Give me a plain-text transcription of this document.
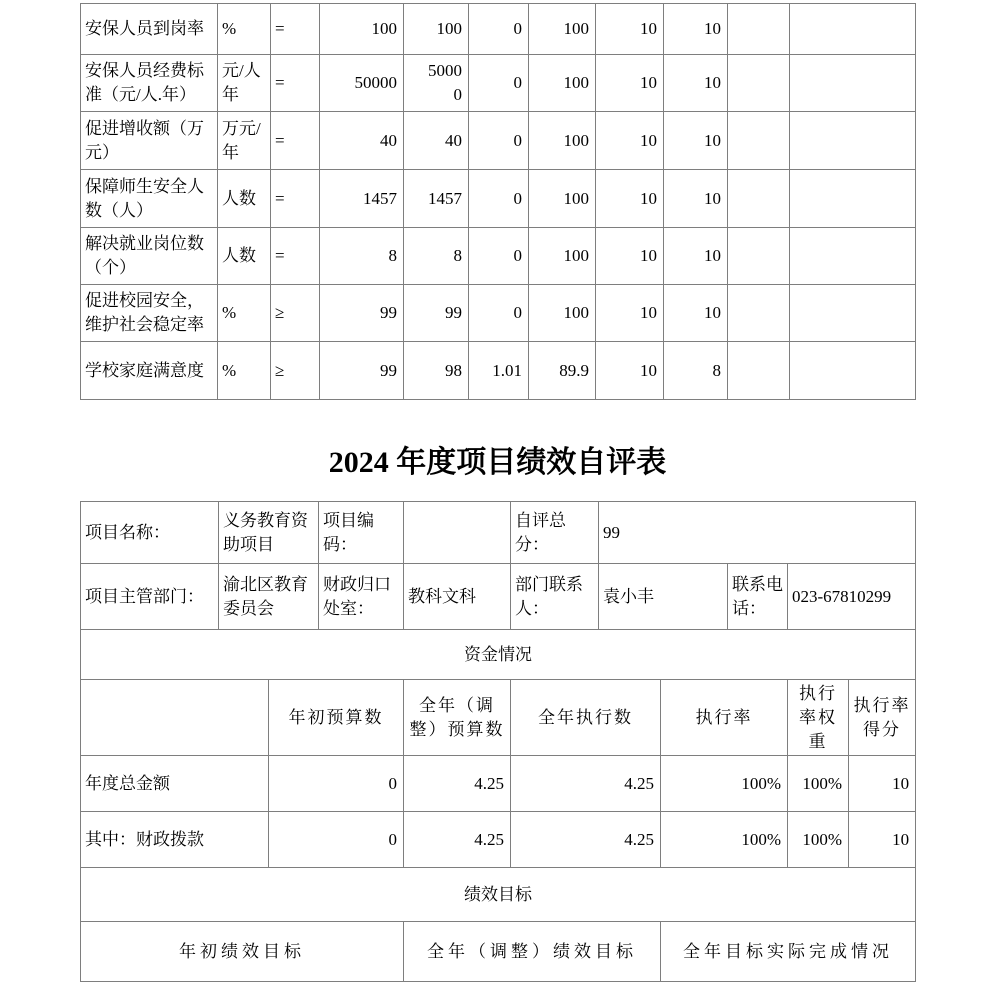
安保人员到岗率	%	=	100	100	0	100	10	10		
安保人员经费标准（元/人.年）	元/人年	=	50000	50000	0	100	10	10		
促进增收额（万元）	万元/年	=	40	40	0	100	10	10		
保障师生安全人数（人）	人数	=	1457	1457	0	100	10	10		
解决就业岗位数（个）	人数	=	8	8	0	100	10	10		
促进校园安全，维护社会稳定率	%	≥	99	99	0	100	10	10		
学校家庭满意度	%	≥	99	98	1.01	89.9	10	8		
2024 年度项目绩效自评表
项目名称：	义务教育资助项目		项目编码：		自评总分：	99				
项目主管部门：	渝北区教育委员会		财政归口处室：	教科文科	部门联系人：	袁小丰		联系电话：	023-67810299	
资金情况										
		年初预算数		全年（调整）预算数	全年执行数		执行率		执行率权重	执行率得分
年度总金额		0		4.25	4.25		100%		100%	10
其中：财政拨款		0		4.25	4.25		100%		100%	10
绩效目标										
年初绩效目标				全年（调整）绩效目标			全年目标实际完成情况			
